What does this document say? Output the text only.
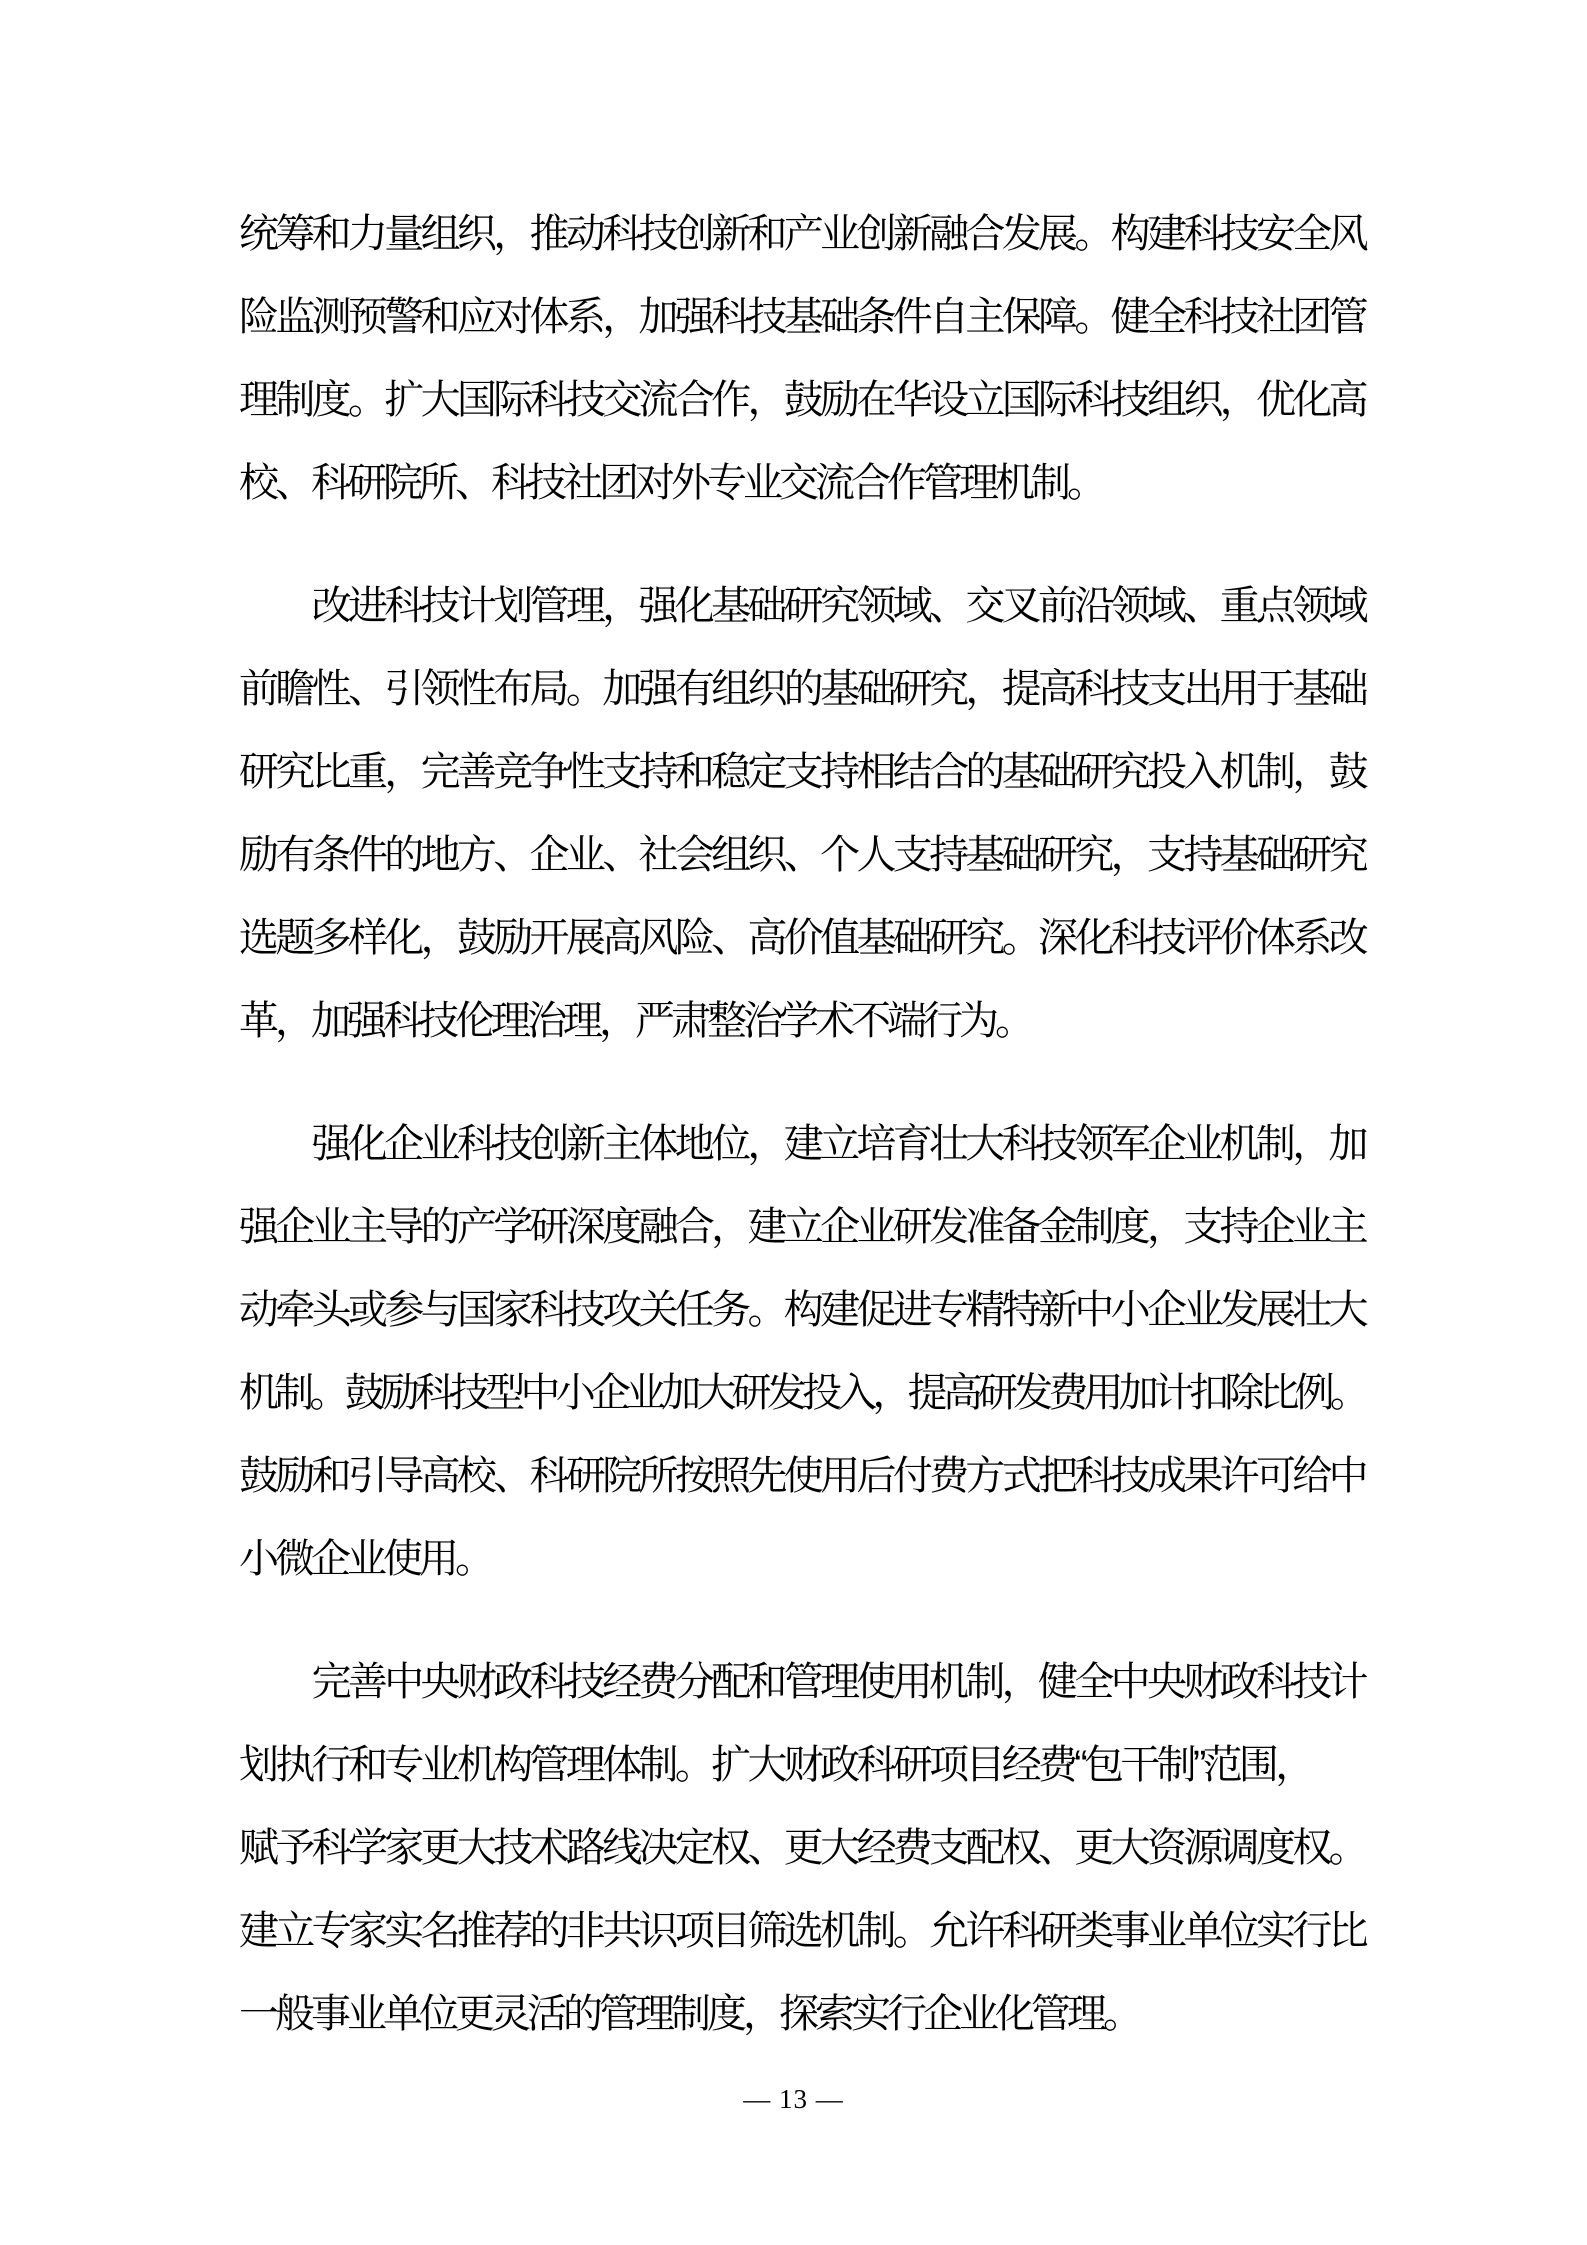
统筹和力量组织，推动科技创新和产业创新融合发展。构建科技安全风
险监测预警和应对体系，加强科技基础条件自主保障。健全科技社团管
理制度。扩大国际科技交流合作，鼓励在华设立国际科技组织，优化高
校、科研院所、科技社团对外专业交流合作管理机制。

改进科技计划管理，强化基础研究领域、交叉前沿领域、重点领域
前瞻性、引领性布局。加强有组织的基础研究，提高科技支出用于基础
研究比重，完善竞争性支持和稳定支持相结合的基础研究投入机制，鼓
励有条件的地方、企业、社会组织、个人支持基础研究，支持基础研究
选题多样化，鼓励开展高风险、高价值基础研究。深化科技评价体系改
革，加强科技伦理治理，严肃整治学术不端行为。

强化企业科技创新主体地位，建立培育壮大科技领军企业机制，加
强企业主导的产学研深度融合，建立企业研发准备金制度，支持企业主
动牵头或参与国家科技攻关任务。构建促进专精特新中小企业发展壮大
机制。鼓励科技型中小企业加大研发投入，提高研发费用加计扣除比例。
鼓励和引导高校、科研院所按照先使用后付费方式把科技成果许可给中
小微企业使用。

完善中央财政科技经费分配和管理使用机制，健全中央财政科技计
划执行和专业机构管理体制。扩大财政科研项目经费“包干制”范围，
赋予科学家更大技术路线决定权、更大经费支配权、更大资源调度权。
建立专家实名推荐的非共识项目筛选机制。允许科研类事业单位实行比
一般事业单位更灵活的管理制度，探索实行企业化管理。

— 13 —
